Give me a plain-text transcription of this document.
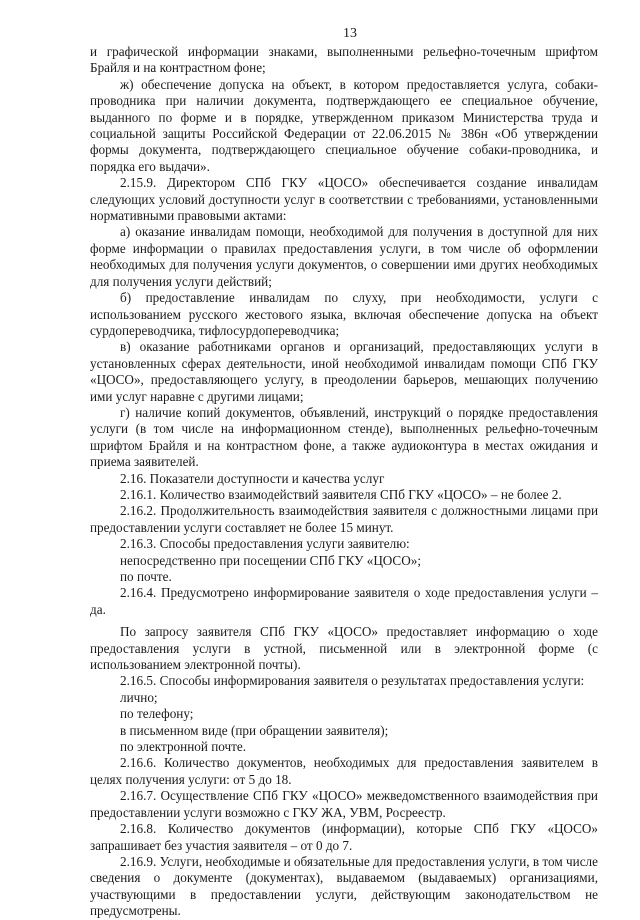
13

и графической информации знаками, выполненными рельефно-точечным шрифтом Брайля и на контрастном фоне;

ж) обеспечение допуска на объект, в котором предоставляется услуга, собаки-проводника при наличии документа, подтверждающего ее специальное обучение, выданного по форме и в порядке, утвержденном приказом Министерства труда и социальной защиты Российской Федерации от 22.06.2015 № 386н «Об утверждении формы документа, подтверждающего специальное обучение собаки-проводника, и порядка его выдачи».

2.15.9. Директором СПб ГКУ «ЦОСО» обеспечивается создание инвалидам следующих условий доступности услуг в соответствии с требованиями, установленными нормативными правовыми актами:

а) оказание инвалидам помощи, необходимой для получения в доступной для них форме информации о правилах предоставления услуги, в том числе об оформлении необходимых для получения услуги документов, о совершении ими других необходимых для получения услуги действий;

б) предоставление инвалидам по слуху, при необходимости, услуги с использованием русского жестового языка, включая обеспечение допуска на объект сурдопереводчика, тифлосурдопереводчика;

в) оказание работниками органов и организаций, предоставляющих услуги в установленных сферах деятельности, иной необходимой инвалидам помощи СПб ГКУ «ЦОСО», предоставляющего услугу, в преодолении барьеров, мешающих получению ими услуг наравне с другими лицами;

г) наличие копий документов, объявлений, инструкций о порядке предоставления услуги (в том числе на информационном стенде), выполненных рельефно-точечным шрифтом Брайля и на контрастном фоне, а также аудиоконтура в местах ожидания и приема заявителей.

2.16. Показатели доступности и качества услуг

2.16.1. Количество взаимодействий заявителя СПб ГКУ «ЦОСО» – не более 2.

2.16.2. Продолжительность взаимодействия заявителя с должностными лицами при предоставлении услуги составляет не более 15 минут.

2.16.3. Способы предоставления услуги заявителю:

непосредственно при посещении СПб ГКУ «ЦОСО»;

по почте.

2.16.4. Предусмотрено информирование заявителя о ходе предоставления услуги – да.

По запросу заявителя СПб ГКУ «ЦОСО» предоставляет информацию о ходе предоставления услуги в устной, письменной или в электронной форме (с использованием электронной почты).

2.16.5. Способы информирования заявителя о результатах предоставления услуги:

лично;

по телефону;

в письменном виде (при обращении заявителя);

по электронной почте.

2.16.6. Количество документов, необходимых для предоставления заявителем в целях получения услуги: от 5 до 18.

2.16.7. Осуществление СПб ГКУ «ЦОСО» межведомственного взаимодействия при предоставлении услуги возможно с ГКУ ЖА, УВМ, Росреестр.

2.16.8. Количество документов (информации), которые СПб ГКУ «ЦОСО» запрашивает без участия заявителя – от 0 до 7.

2.16.9. Услуги, необходимые и обязательные для предоставления услуги, в том числе сведения о документе (документах), выдаваемом (выдаваемых) организациями, участвующими в предоставлении услуги, действующим законодательством не предусмотрены.
